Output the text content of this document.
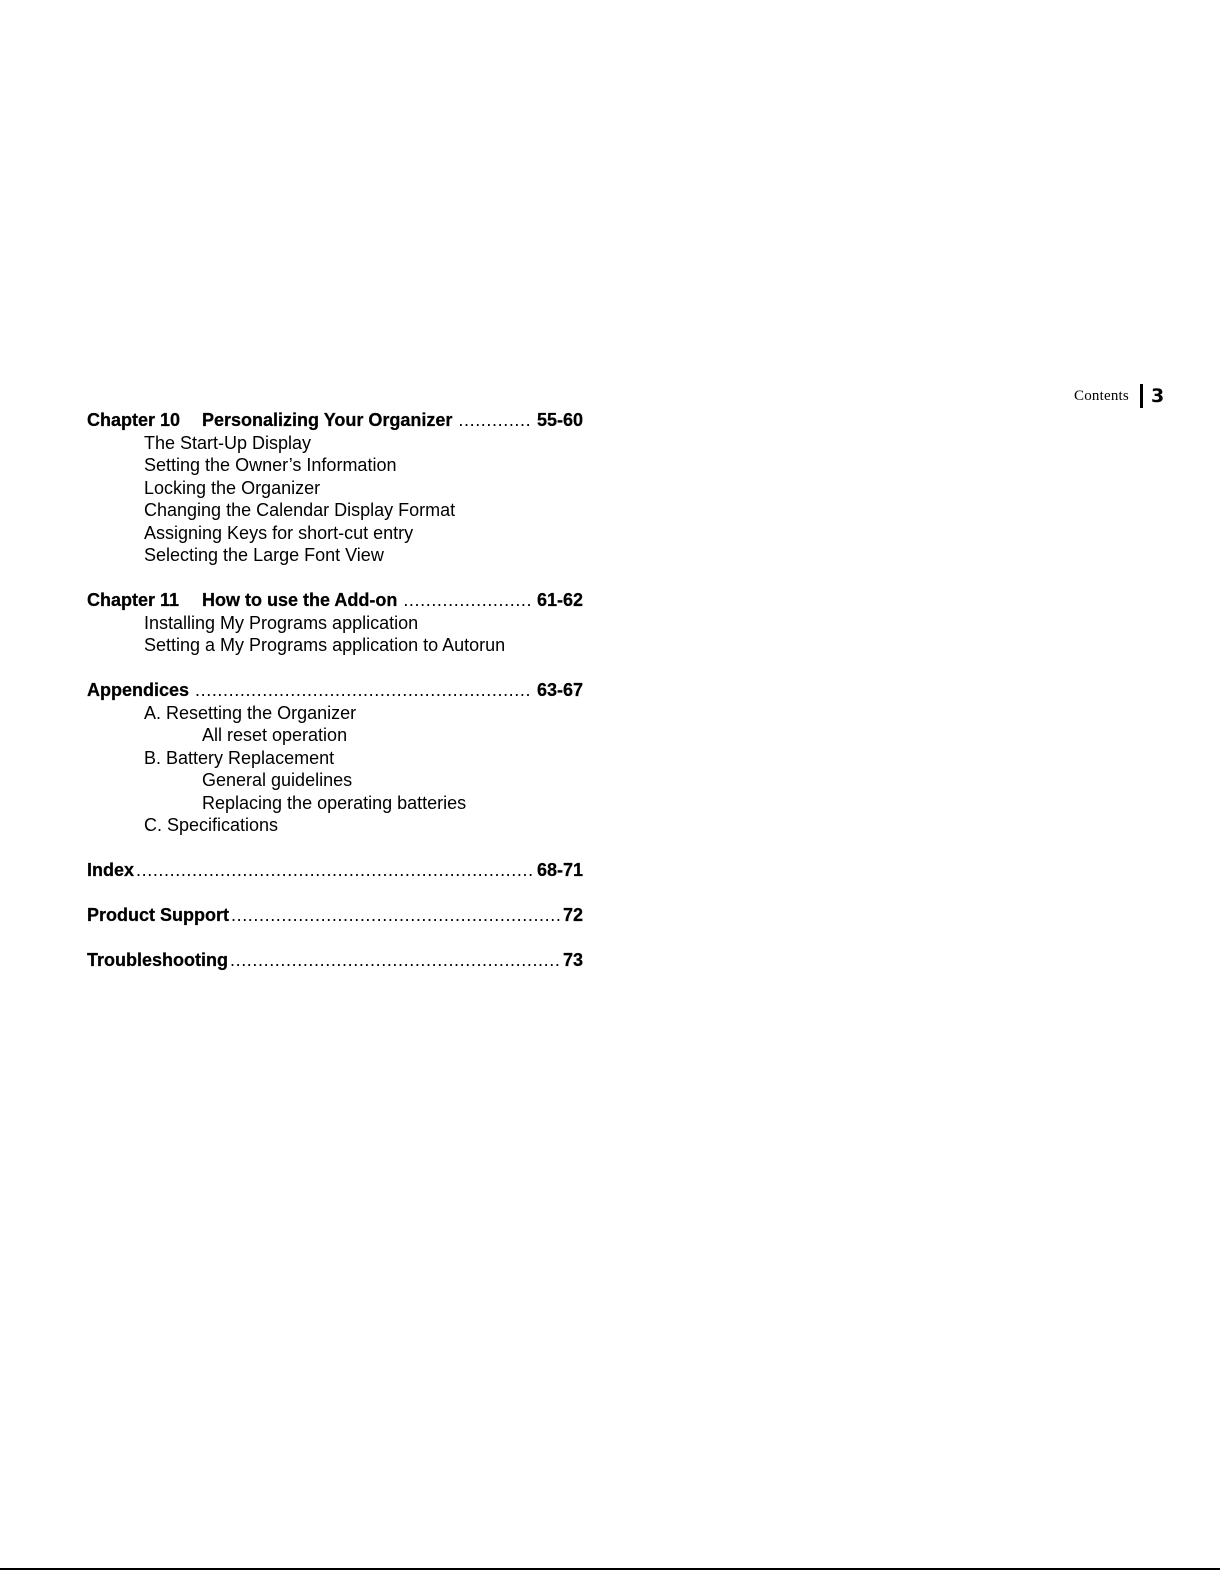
Contents 3
Chapter 10 Personalizing Your Organizer .....	55-60
The Start-Up Display
Setting the Owner’s Information
Locking the Organizer
Changing the Calendar Display Format
Assigning Keys for short-cut entry
Selecting the Large Font View
Chapter 11 How to use the Add-on .....	61-62
Installing My Programs application
Setting a My Programs application to Autorun
Appendices .....	63-67
A. Resetting the Organizer
All reset operation
B. Battery Replacement
General guidelines
Replacing the operating batteries
C. Specifications
Index .....	68-71
Product Support .....	72
Troubleshooting .....	73
